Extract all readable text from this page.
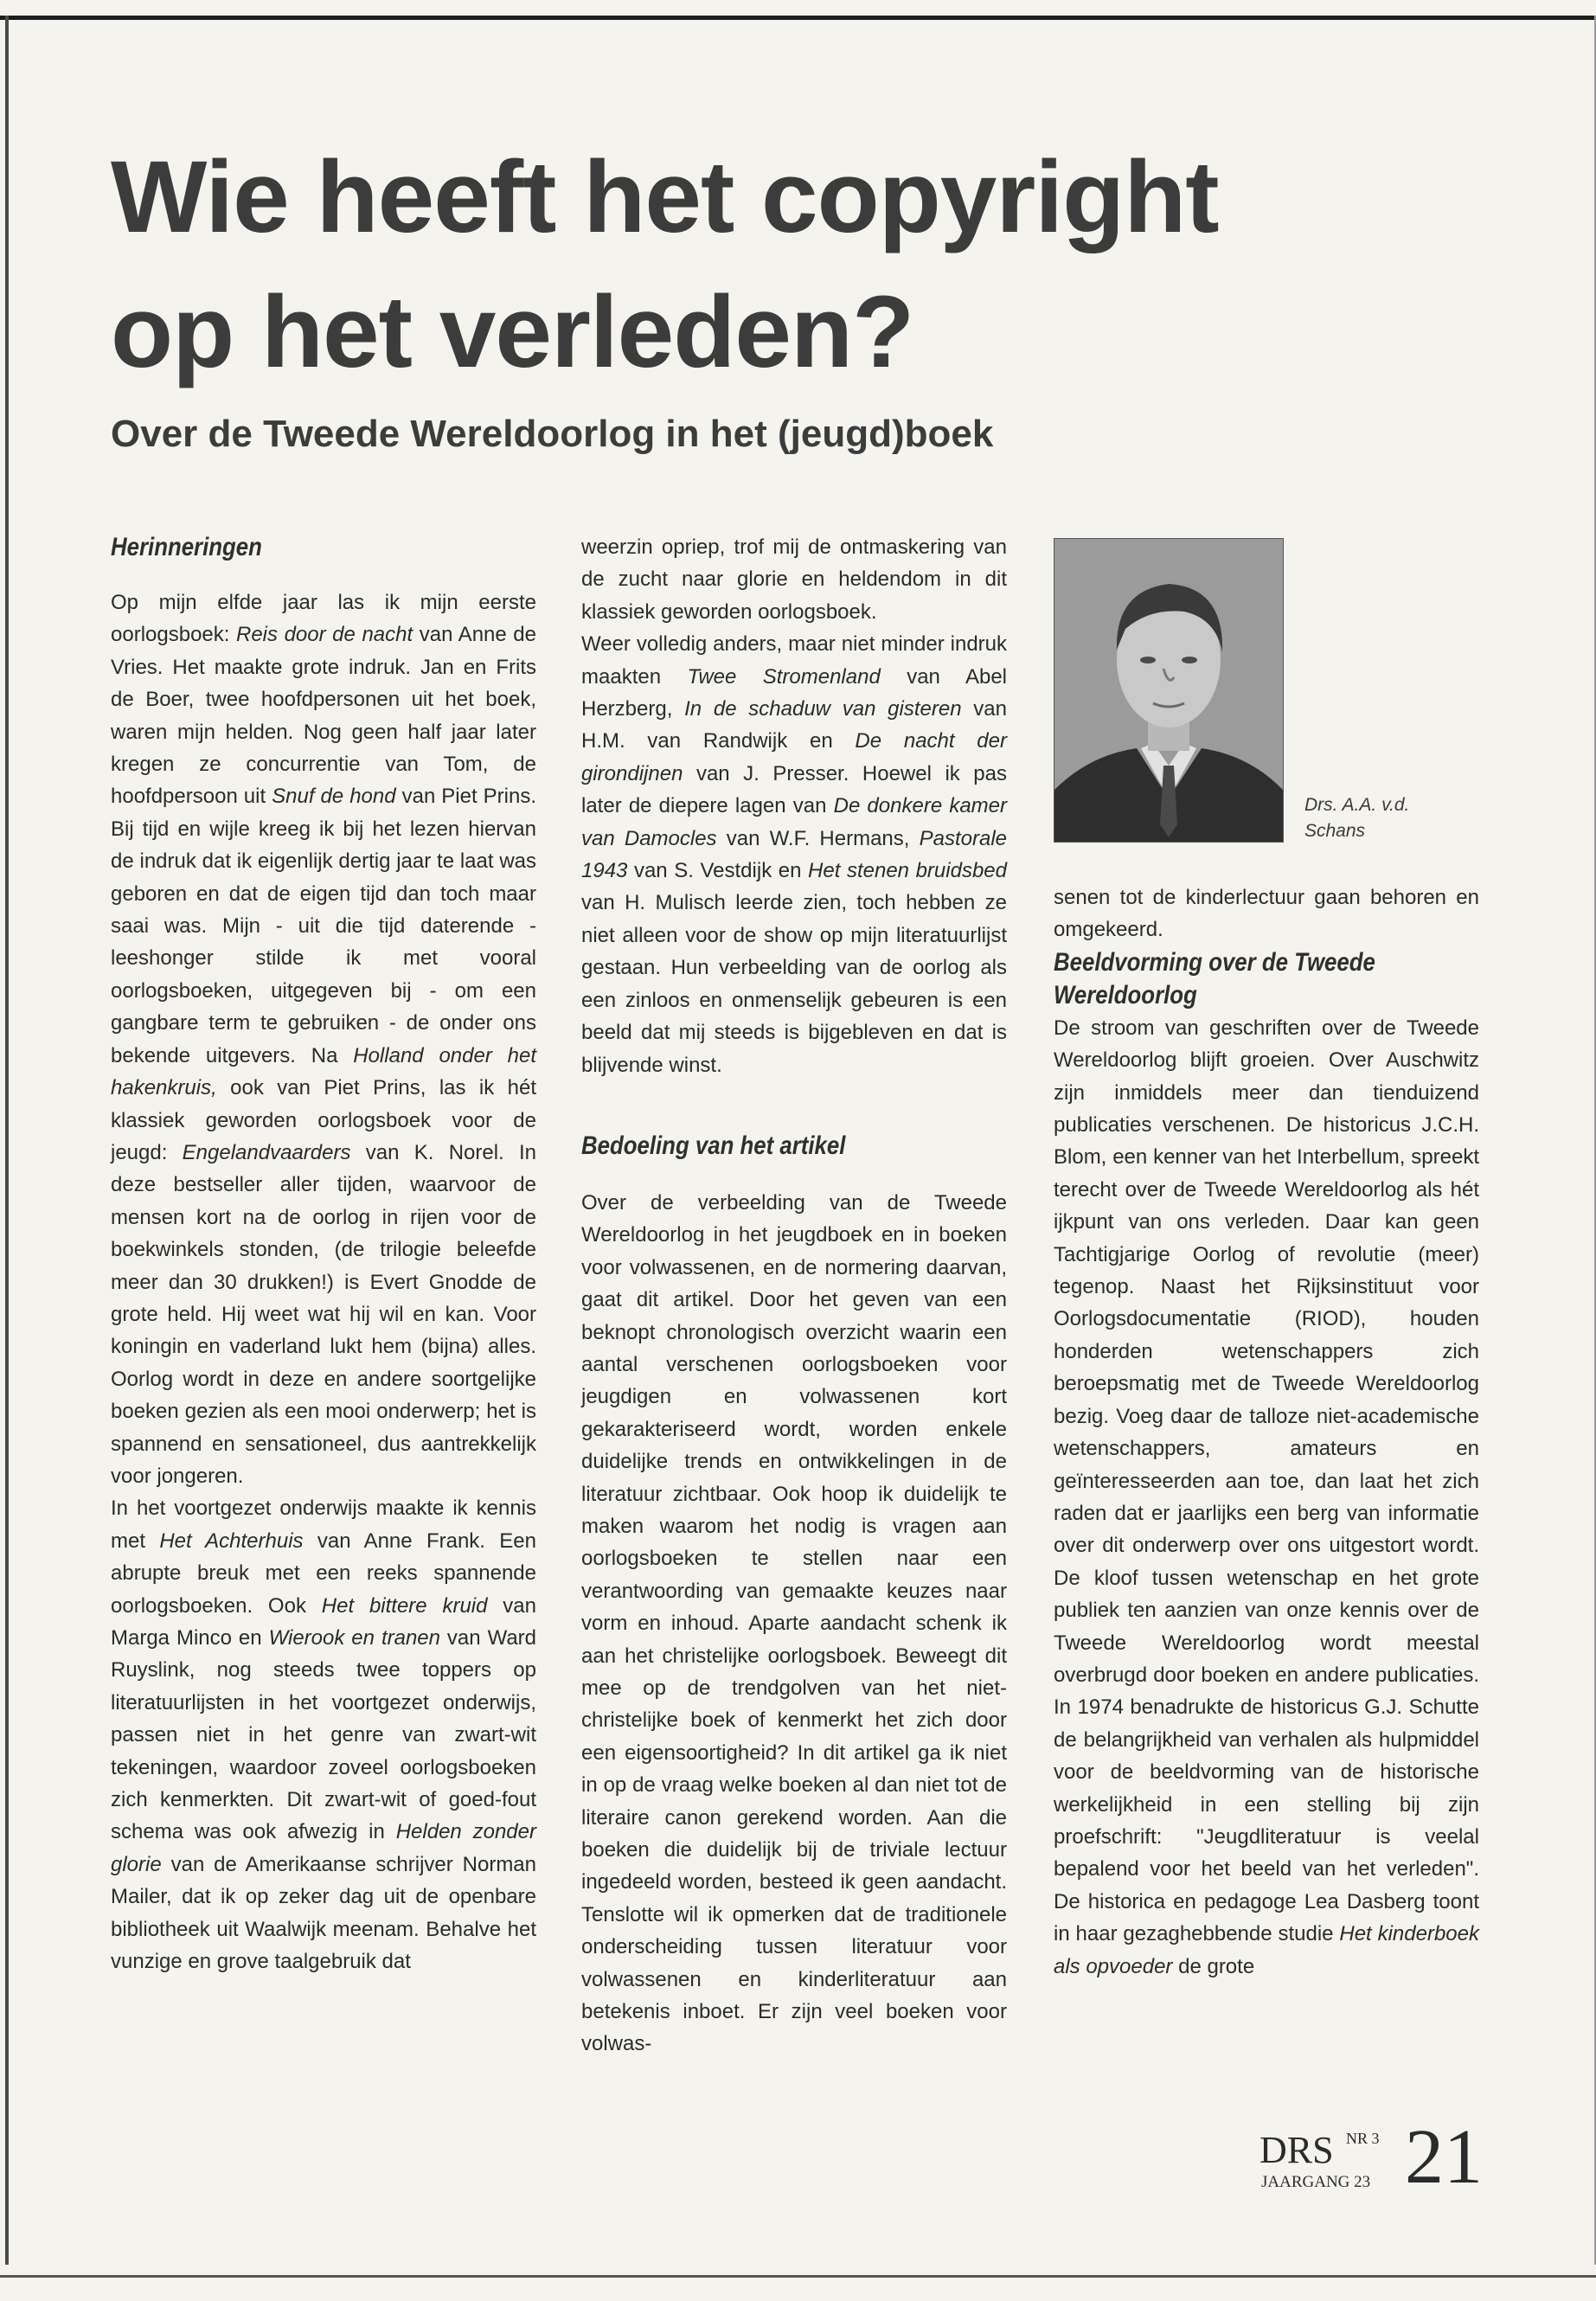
Wie heeft het copyright
op het verleden?
Over de Tweede Wereldoorlog in het (jeugd)boek
Herinneringen

Op mijn elfde jaar las ik mijn eerste oorlogsboek: Reis door de nacht van Anne de Vries. Het maakte grote indruk. Jan en Frits de Boer, twee hoofdpersonen uit het boek, waren mijn helden. Nog geen half jaar later kregen ze concurrentie van Tom, de hoofdpersoon uit Snuf de hond van Piet Prins. Bij tijd en wijle kreeg ik bij het lezen hiervan de indruk dat ik eigenlijk dertig jaar te laat was geboren en dat de eigen tijd dan toch maar saai was. Mijn - uit die tijd daterende - leeshonger stilde ik met vooral oorlogsboeken, uitgegeven bij - om een gangbare term te gebruiken - de onder ons bekende uitgevers. Na Holland onder het hakenkruis, ook van Piet Prins, las ik hét klassiek geworden oorlogsboek voor de jeugd: Engelandvaarders van K. Norel. In deze bestseller aller tijden, waarvoor de mensen kort na de oorlog in rijen voor de boekwinkels stonden, (de trilogie beleefde meer dan 30 drukken!) is Evert Gnodde de grote held. Hij weet wat hij wil en kan. Voor koningin en vaderland lukt hem (bijna) alles. Oorlog wordt in deze en andere soortgelijke boeken gezien als een mooi onderwerp; het is spannend en sensationeel, dus aantrekkelijk voor jongeren.

In het voortgezet onderwijs maakte ik kennis met Het Achterhuis van Anne Frank. Een abrupte breuk met een reeks spannende oorlogsboeken. Ook Het bittere kruid van Marga Minco en Wierook en tranen van Ward Ruyslink, nog steeds twee toppers op literatuurlijsten in het voortgezet onderwijs, passen niet in het genre van zwart-wit tekeningen, waardoor zoveel oorlogsboeken zich kenmerkten. Dit zwart-wit of goed-fout schema was ook afwezig in Helden zonder glorie van de Amerikaanse schrijver Norman Mailer, dat ik op zeker dag uit de openbare bibliotheek uit Waalwijk meenam. Behalve het vunzige en grove taalgebruik dat

weerzin opriep, trof mij de ontmaskering van de zucht naar glorie en heldendom in dit klassiek geworden oorlogsboek.

Weer volledig anders, maar niet minder indruk maakten Twee Stromenland van Abel Herzberg, In de schaduw van gisteren van H.M. van Randwijk en De nacht der girondijnen van J. Presser. Hoewel ik pas later de diepere lagen van De donkere kamer van Damocles van W.F. Hermans, Pastorale 1943 van S. Vestdijk en Het stenen bruidsbed van H. Mulisch leerde zien, toch hebben ze niet alleen voor de show op mijn literatuurlijst gestaan. Hun verbeelding van de oorlog als een zinloos en onmenselijk gebeuren is een beeld dat mij steeds is bijgebleven en dat is blijvende winst.

Bedoeling van het artikel

Over de verbeelding van de Tweede Wereldoorlog in het jeugdboek en in boeken voor volwassenen, en de normering daarvan, gaat dit artikel. Door het geven van een beknopt chronologisch overzicht waarin een aantal verschenen oorlogsboeken voor jeugdigen en volwassenen kort gekarakteriseerd wordt, worden enkele duidelijke trends en ontwikkelingen in de literatuur zichtbaar. Ook hoop ik duidelijk te maken waarom het nodig is vragen aan oorlogsboeken te stellen naar een verantwoording van gemaakte keuzes naar vorm en inhoud. Aparte aandacht schenk ik aan het christelijke oorlogsboek. Beweegt dit mee op de trendgolven van het niet-christelijke boek of kenmerkt het zich door een eigensoortigheid? In dit artikel ga ik niet in op de vraag welke boeken al dan niet tot de literaire canon gerekend worden. Aan die boeken die duidelijk bij de triviale lectuur ingedeeld worden, besteed ik geen aandacht. Tenslotte wil ik opmerken dat de traditionele onderscheiding tussen literatuur voor volwassenen en kinderliteratuur aan betekenis inboet. Er zijn veel boeken voor volwas-

Drs. A.A. v.d.
Schans

senen tot de kinderlectuur gaan behoren en omgekeerd.

Beeldvorming over de Tweede Wereldoorlog

De stroom van geschriften over de Tweede Wereldoorlog blijft groeien. Over Auschwitz zijn inmiddels meer dan tienduizend publicaties verschenen. De historicus J.C.H. Blom, een kenner van het Interbellum, spreekt terecht over de Tweede Wereldoorlog als hét ijkpunt van ons verleden. Daar kan geen Tachtigjarige Oorlog of revolutie (meer) tegenop. Naast het Rijksinstituut voor Oorlogsdocumentatie (RIOD), houden honderden wetenschappers zich beroepsmatig met de Tweede Wereldoorlog bezig. Voeg daar de talloze niet-academische wetenschappers, amateurs en geïnteresseerden aan toe, dan laat het zich raden dat er jaarlijks een berg van informatie over dit onderwerp over ons uitgestort wordt. De kloof tussen wetenschap en het grote publiek ten aanzien van onze kennis over de Tweede Wereldoorlog wordt meestal overbrugd door boeken en andere publicaties. In 1974 benadrukte de historicus G.J. Schutte de belangrijkheid van verhalen als hulpmiddel voor de beeldvorming van de historische werkelijkheid in een stelling bij zijn proefschrift: "Jeugdliteratuur is veelal bepalend voor het beeld van het verleden". De historica en pedagoge Lea Dasberg toont in haar gezaghebbende studie Het kinderboek als opvoeder de grote

DRS NR 3
JAARGANG 23 21
